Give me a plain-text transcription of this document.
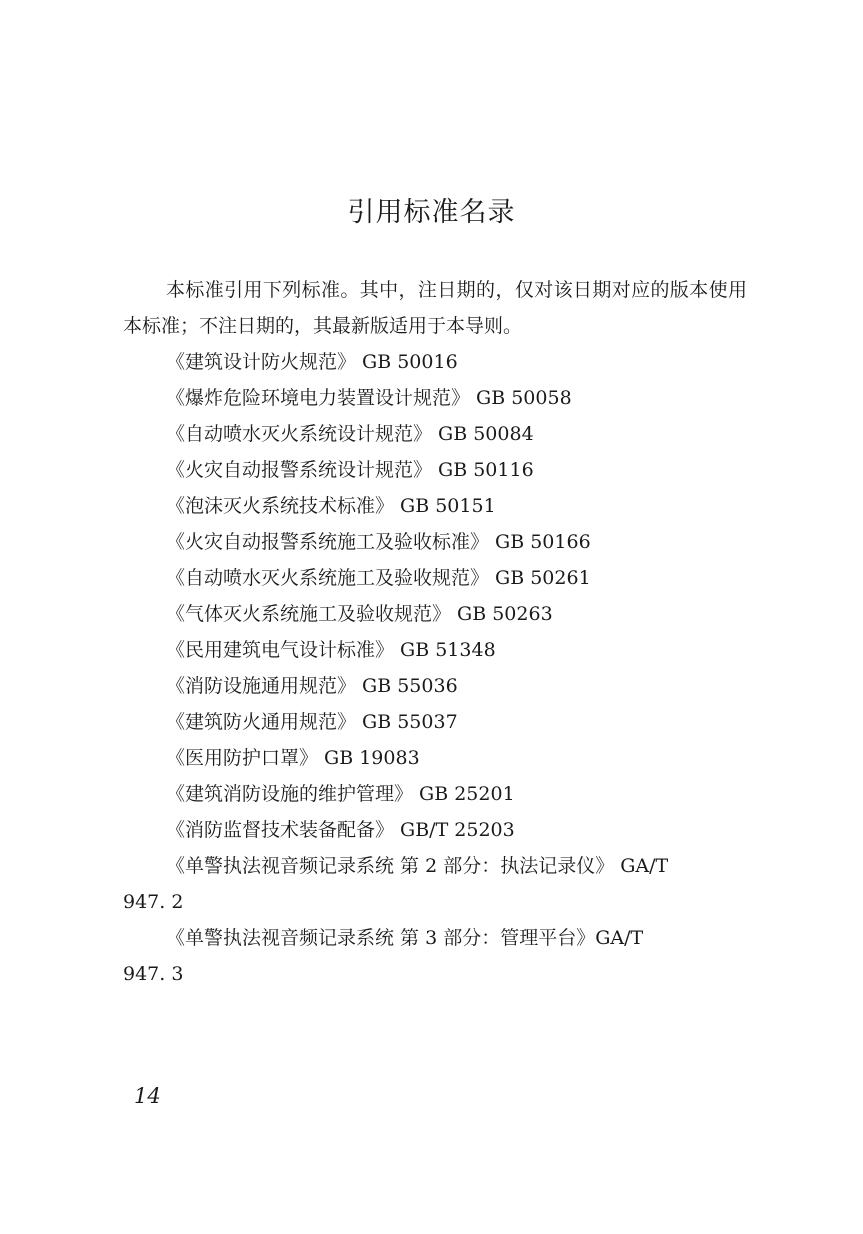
引用标准名录

本标准引用下列标准。其中，注日期的，仅对该日期对应的版本使用本标准；不注日期的，其最新版适用于本导则。

《建筑设计防火规范》 GB 50016

《爆炸危险环境电力装置设计规范》 GB 50058

《自动喷水灭火系统设计规范》 GB 50084

《火灾自动报警系统设计规范》 GB 50116

《泡沫灭火系统技术标准》 GB 50151

《火灾自动报警系统施工及验收标准》 GB 50166

《自动喷水灭火系统施工及验收规范》 GB 50261

《气体灭火系统施工及验收规范》 GB 50263

《民用建筑电气设计标准》 GB 51348

《消防设施通用规范》 GB 55036

《建筑防火通用规范》 GB 55037

《医用防护口罩》 GB 19083

《建筑消防设施的维护管理》 GB 25201

《消防监督技术装备配备》 GB/T 25203

《单警执法视音频记录系统 第 2 部分：执法记录仪》 GA/T

947. 2

《单警执法视音频记录系统 第 3 部分：管理平台》GA/T

947. 3

14
